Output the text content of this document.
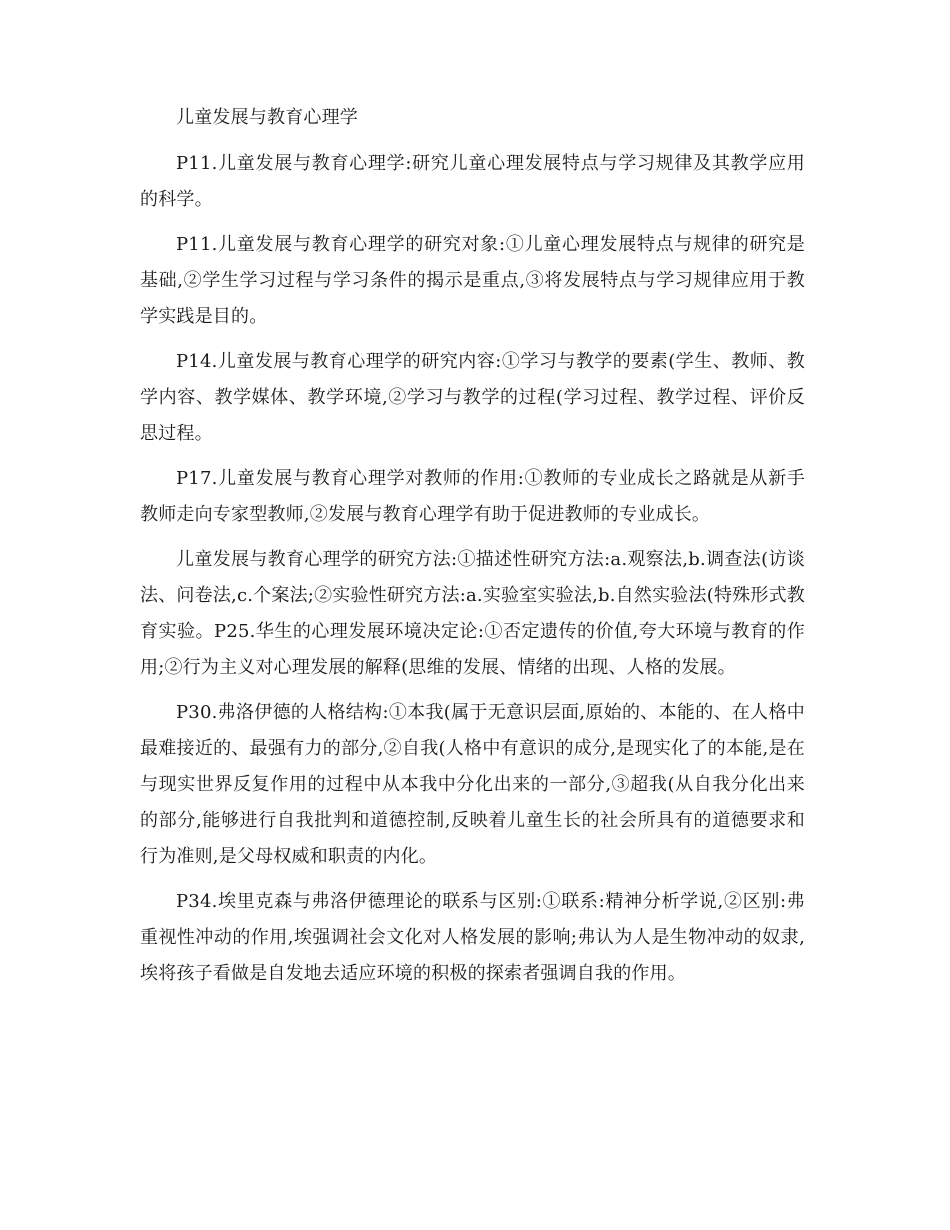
儿童发展与教育心理学

P11.儿童发展与教育心理学:研究儿童心理发展特点与学习规律及其教学应用的科学。

P11.儿童发展与教育心理学的研究对象:①儿童心理发展特点与规律的研究是基础,②学生学习过程与学习条件的揭示是重点,③将发展特点与学习规律应用于教学实践是目的。

P14.儿童发展与教育心理学的研究内容:①学习与教学的要素(学生、教师、教学内容、教学媒体、教学环境,②学习与教学的过程(学习过程、教学过程、评价反思过程。

P17.儿童发展与教育心理学对教师的作用:①教师的专业成长之路就是从新手教师走向专家型教师,②发展与教育心理学有助于促进教师的专业成长。

儿童发展与教育心理学的研究方法:①描述性研究方法:a.观察法,b.调查法(访谈法、问卷法,c.个案法;②实验性研究方法:a.实验室实验法,b.自然实验法(特殊形式教育实验。P25.华生的心理发展环境决定论:①否定遗传的价值,夸大环境与教育的作用;②行为主义对心理发展的解释(思维的发展、情绪的出现、人格的发展。

P30.弗洛伊德的人格结构:①本我(属于无意识层面,原始的、本能的、在人格中最难接近的、最强有力的部分,②自我(人格中有意识的成分,是现实化了的本能,是在与现实世界反复作用的过程中从本我中分化出来的一部分,③超我(从自我分化出来的部分,能够进行自我批判和道德控制,反映着儿童生长的社会所具有的道德要求和行为准则,是父母权威和职责的内化。

P34.埃里克森与弗洛伊德理论的联系与区别:①联系:精神分析学说,②区别:弗重视性冲动的作用,埃强调社会文化对人格发展的影响;弗认为人是生物冲动的奴隶,埃将孩子看做是自发地去适应环境的积极的探索者强调自我的作用。
